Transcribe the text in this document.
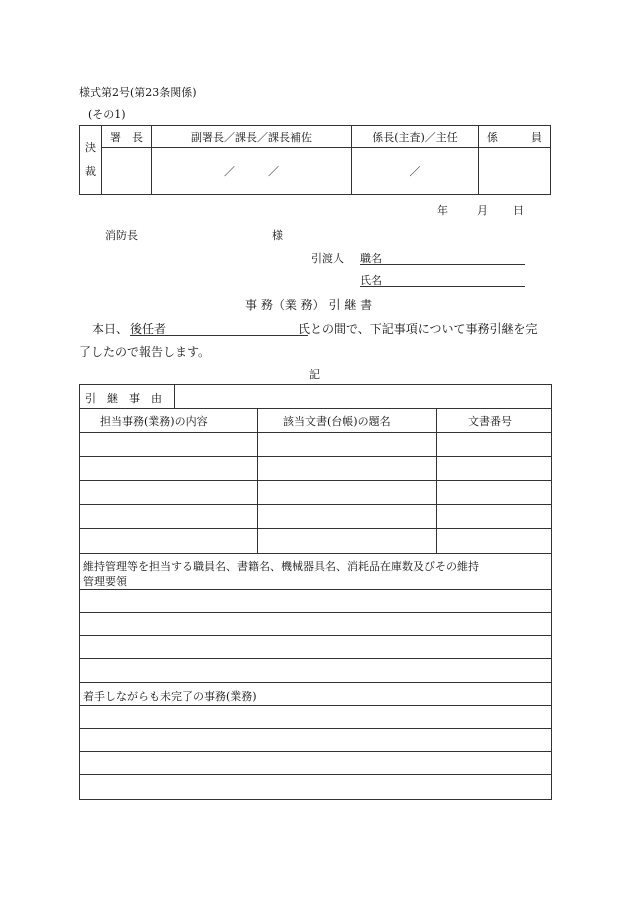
様式第2号(第23条関係)
(その1)
決
裁	署　長	副署長／課長／課長補佐	係長(主査)／主任	係　　　員
		／　　　／	／	
年	月 日
消防長	様
引渡人 職名
氏名
事 務（業 務） 引 継 書
本日、 後任者	氏との間で、下記事項について事務引継を完
了したので報告します。
記
引　継　事　由
担当事務(業務)の内容	該当文書(台帳)の題名	文書番号
維持管理等を担当する職員名、書籍名、機械器具名、消耗品在庫数及びその維持
管理要領
着手しながらも未完了の事務(業務)
